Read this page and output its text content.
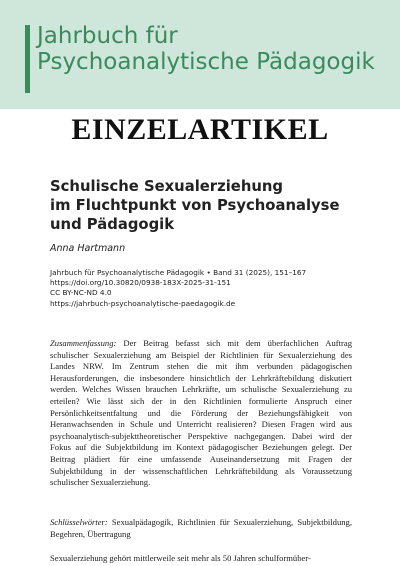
Jahrbuch für
Psychoanalytische Pädagogik
EINZELARTIKEL
Schulische Sexualerziehung
im Fluchtpunkt von Psychoanalyse
und Pädagogik
Anna Hartmann
Jahrbuch für Psychoanalytische Pädagogik • Band 31 (2025), 151–167
https://doi.org/10.30820/0938-183X-2025-31-151
CC BY-NC-ND 4.0
https://jahrbuch-psychoanalytische-paedagogik.de
Zusammenfassung: Der Beitrag befasst sich mit dem überfachlichen Auftrag schulischer Sexualerziehung am Beispiel der Richtlinien für Sexualerziehung des Landes NRW. Im Zentrum stehen die mit ihm verbunden pädagogischen Herausforderungen, die insbesondere hinsichtlich der Lehrkräftebildung diskutiert werden. Welches Wissen brauchen Lehrkräfte, um schulische Sexualerziehung zu erteilen? Wie lässt sich der in den Richtlinien formulierte Anspruch einer Persönlichkeitsentfaltung und die Förderung der Beziehungsfähigkeit von Heranwachsenden in Schule und Unterricht realisieren? Diesen Fragen wird aus psychoanalytisch-subjekttheoretischer Perspektive nachgegangen. Dabei wird der Fokus auf die Subjektbildung im Kontext pädagogischer Beziehungen gelegt. Der Beitrag plädiert für eine umfassende Auseinandersetzung mit Fragen der Subjektbildung in der wissenschaftlichen Lehrkräftebildung als Voraussetzung schulischer Sexualerziehung.
Schlüsselwörter: Sexualpädagogik, Richtlinien für Sexualerziehung, Subjektbildung, Begehren, Übertragung
Sexualerziehung gehört mittlerweile seit mehr als 50 Jahren schulformüber-
